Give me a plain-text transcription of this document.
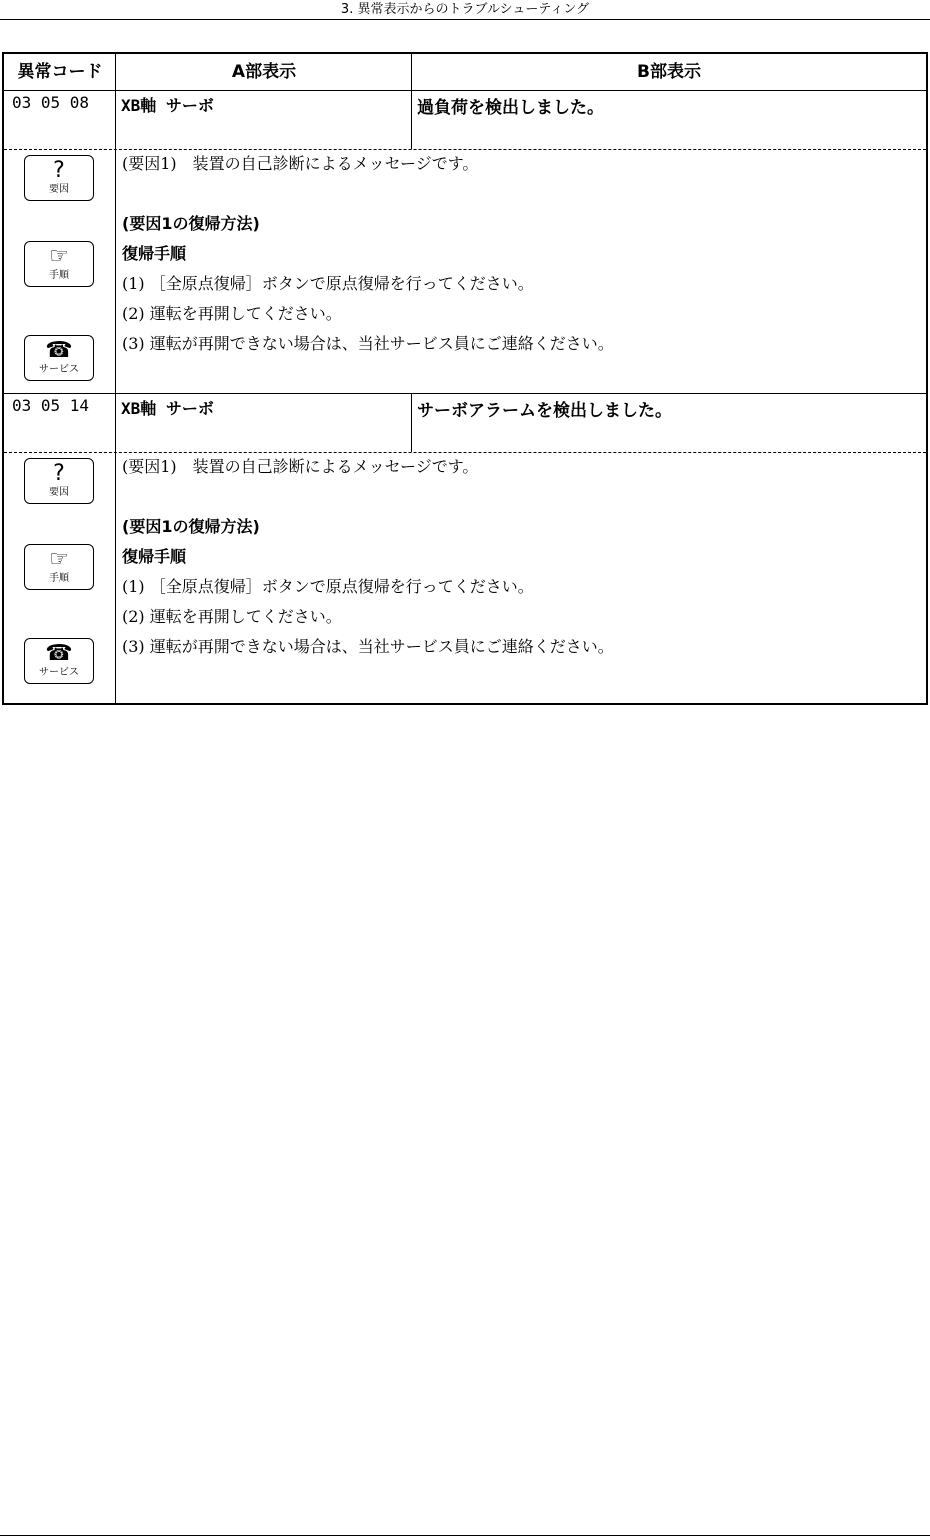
3. 異常表示からのトラブルシューティング
異常コード	A部表示	B部表示
03 05 08	XB軸 サーボ	過負荷を検出しました。
?
要因
☞
手順
☎
サービス
(要因1)　装置の自己診断によるメッセージです。
(要因1の復帰方法)
復帰手順
(1) ［全原点復帰］ボタンで原点復帰を行ってください。
(2) 運転を再開してください。
(3) 運転が再開できない場合は、当社サービス員にご連絡ください。
03 05 14	XB軸 サーボ	サーボアラームを検出しました。
?
要因
☞
手順
☎
サービス
(要因1)　装置の自己診断によるメッセージです。
(要因1の復帰方法)
復帰手順
(1) ［全原点復帰］ボタンで原点復帰を行ってください。
(2) 運転を再開してください。
(3) 運転が再開できない場合は、当社サービス員にご連絡ください。
